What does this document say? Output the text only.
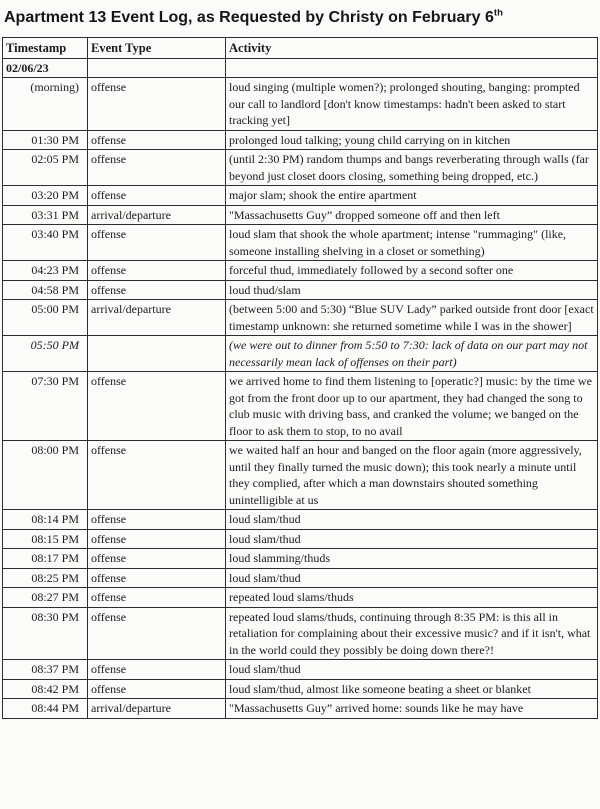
Apartment 13 Event Log, as Requested by Christy on February 6th
Timestamp	Event Type	Activity
02/06/23		
(morning)	offense	loud singing (multiple women?); prolonged shouting, banging: prompted our call to landlord [don't know timestamps: hadn't been asked to start tracking yet]
01:30 PM	offense	prolonged loud talking; young child carrying on in kitchen
02:05 PM	offense	(until 2:30 PM) random thumps and bangs reverberating through walls (far beyond just closet doors closing, something being dropped, etc.)
03:20 PM	offense	major slam; shook the entire apartment
03:31 PM	arrival/departure	"Massachusetts Guy” dropped someone off and then left
03:40 PM	offense	loud slam that shook the whole apartment; intense "rummaging" (like, someone installing shelving in a closet or something)
04:23 PM	offense	forceful thud, immediately followed by a second softer one
04:58 PM	offense	loud thud/slam
05:00 PM	arrival/departure	(between 5:00 and 5:30) “Blue SUV Lady” parked outside front door [exact timestamp unknown: she returned sometime while I was in the shower]
05:50 PM		(we were out to dinner from 5:50 to 7:30: lack of data on our part may not necessarily mean lack of offenses on their part)
07:30 PM	offense	we arrived home to find them listening to [operatic?] music: by the time we got from the front door up to our apartment, they had changed the song to club music with driving bass, and cranked the volume; we banged on the floor to ask them to stop, to no avail
08:00 PM	offense	we waited half an hour and banged on the floor again (more aggressively, until they finally turned the music down); this took nearly a minute until they complied, after which a man downstairs shouted something unintelligible at us
08:14 PM	offense	loud slam/thud
08:15 PM	offense	loud slam/thud
08:17 PM	offense	loud slamming/thuds
08:25 PM	offense	loud slam/thud
08:27 PM	offense	repeated loud slams/thuds
08:30 PM	offense	repeated loud slams/thuds, continuing through 8:35 PM: is this all in retaliation for complaining about their excessive music? and if it isn't, what in the world could they possibly be doing down there?!
08:37 PM	offense	loud slam/thud
08:42 PM	offense	loud slam/thud, almost like someone beating a sheet or blanket
08:44 PM	arrival/departure	"Massachusetts Guy” arrived home: sounds like he may have
